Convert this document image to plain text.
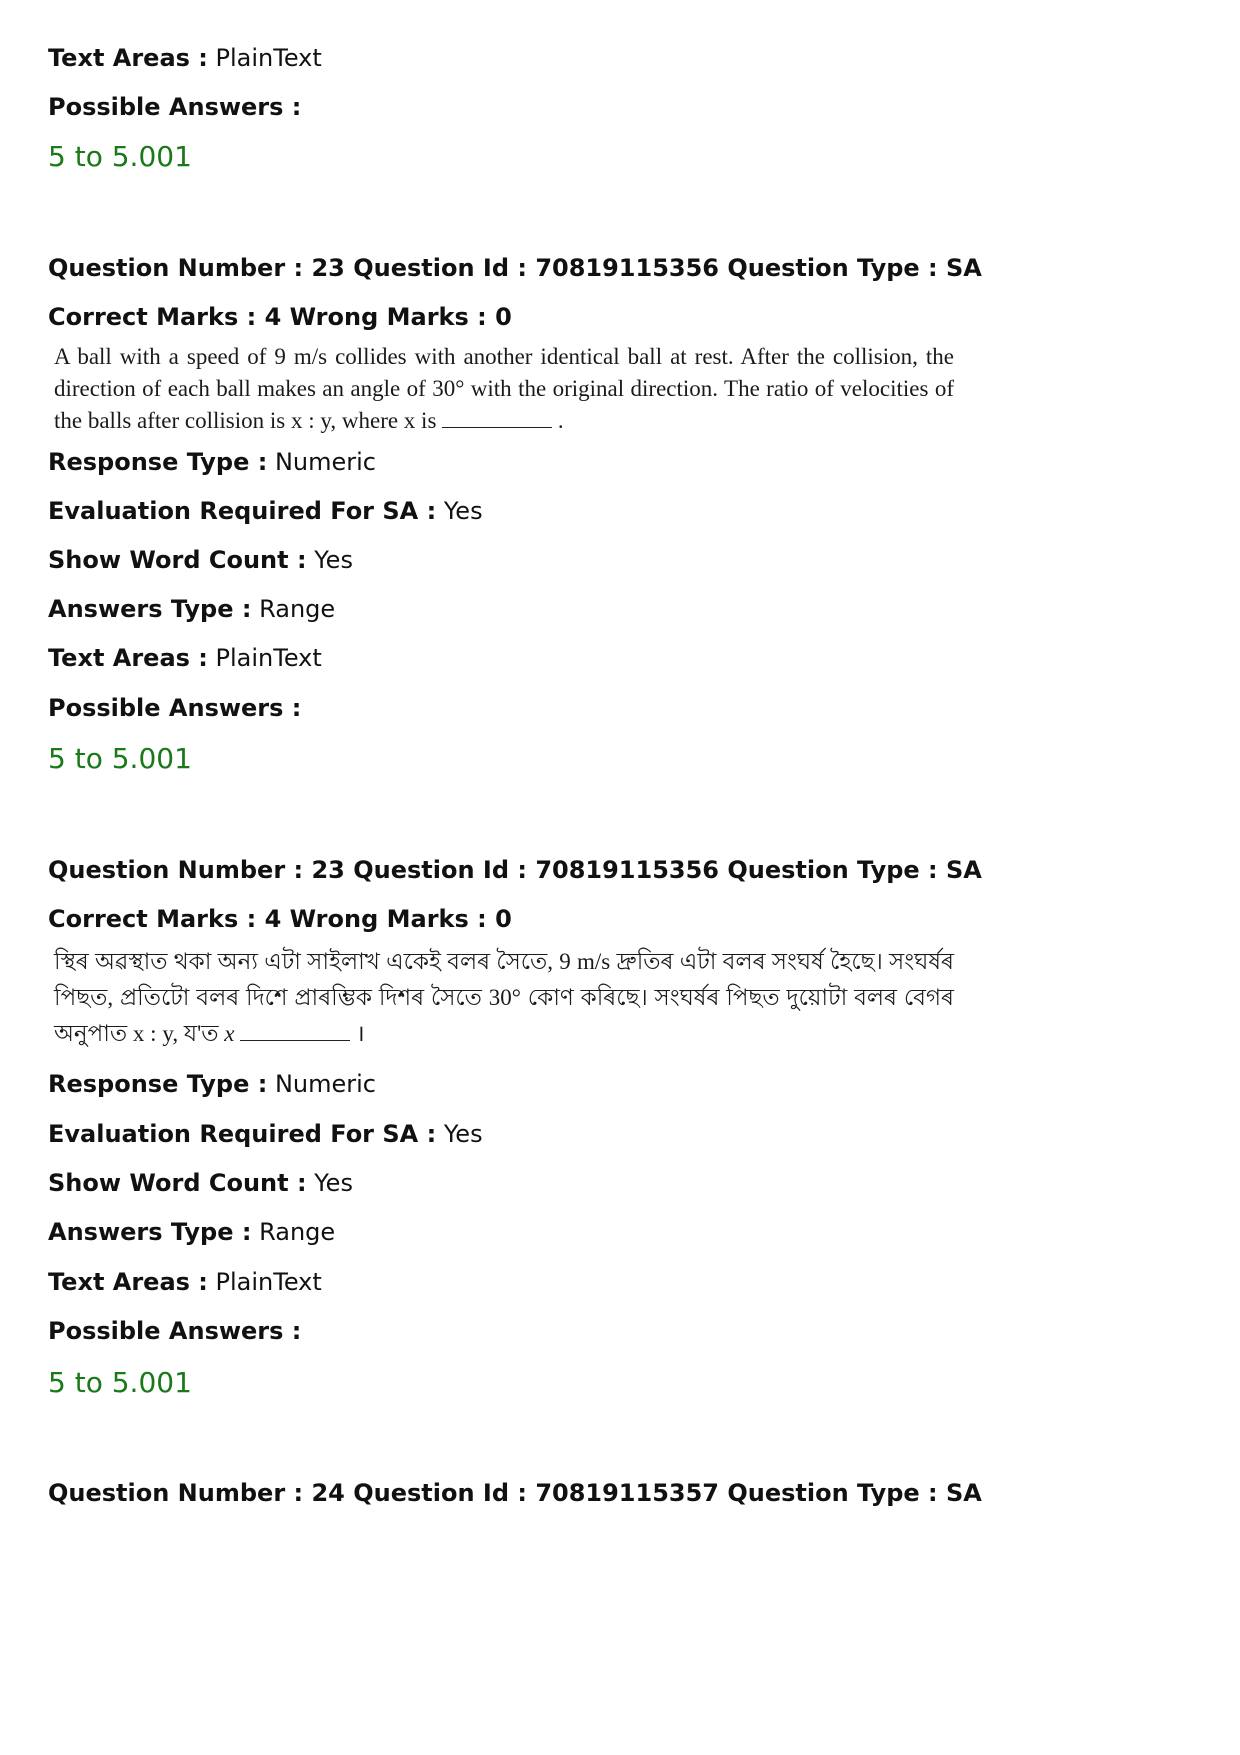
Text Areas : PlainText
Possible Answers :
5 to 5.001
Question Number : 23 Question Id : 70819115356 Question Type : SA
Correct Marks : 4 Wrong Marks : 0

A ball with a speed of 9 m/s collides with another identical ball at rest. After the collision, the direction of each ball makes an angle of 30° with the original direction. The ratio of velocities of the balls after collision is x : y, where x is	.

Response Type : Numeric
Evaluation Required For SA : Yes
Show Word Count : Yes
Answers Type : Range
Text Areas : PlainText
Possible Answers :
5 to 5.001
Question Number : 23 Question Id : 70819115356 Question Type : SA
Correct Marks : 4 Wrong Marks : 0

স্থিৰ অৱস্থাত থকা অন্য এটা সাইলাখ একেই বলৰ সৈতে, 9 m/s দ্ৰুতিৰ এটা বলৰ সংঘৰ্ষ হৈছে। সংঘৰ্ষৰ পিছত, প্ৰতিটো বলৰ দিশে প্ৰাৰম্ভিক দিশৰ সৈতে 30° কোণ কৰিছে। সংঘৰ্ষৰ পিছত দুয়োটা বলৰ বেগৰ অনুপাত x : y, য'ত x	।

Response Type : Numeric
Evaluation Required For SA : Yes
Show Word Count : Yes
Answers Type : Range
Text Areas : PlainText
Possible Answers :
5 to 5.001
Question Number : 24 Question Id : 70819115357 Question Type : SA
